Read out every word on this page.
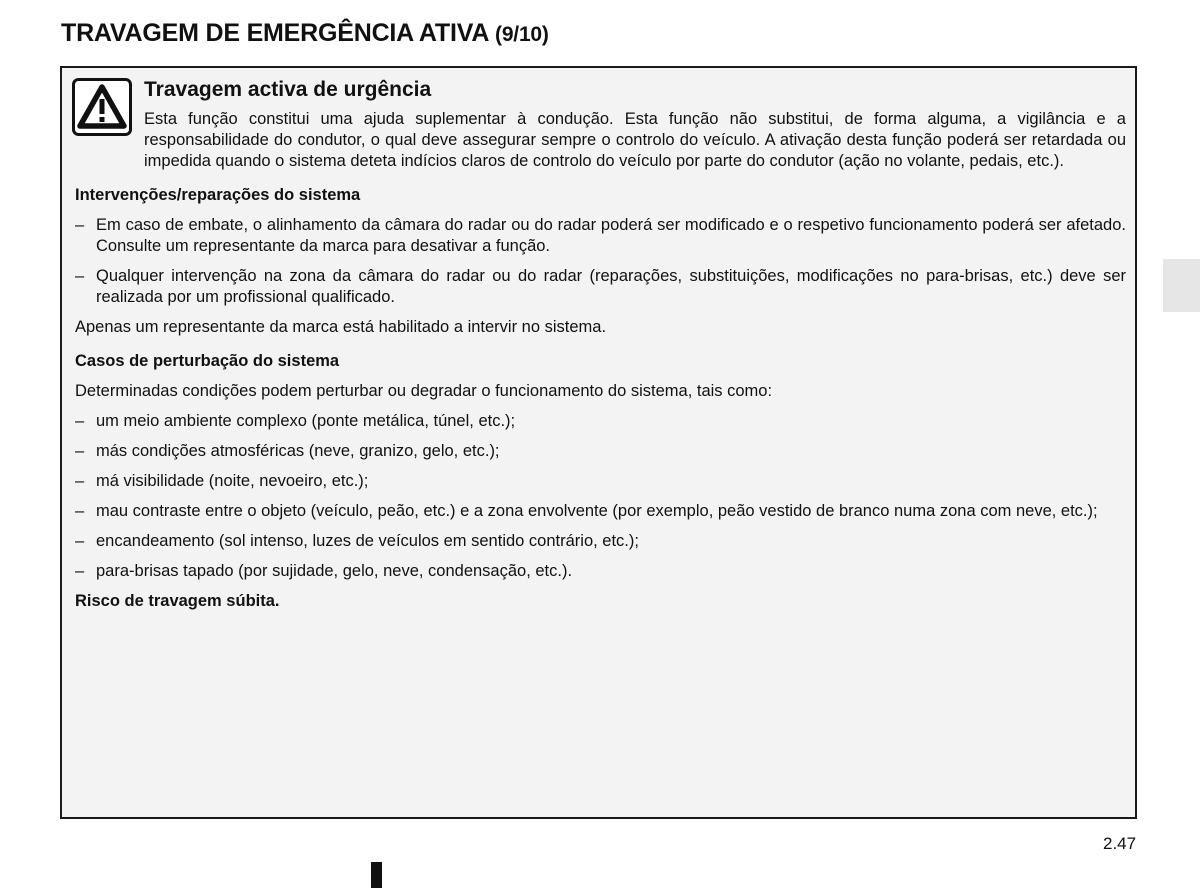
TRAVAGEM DE EMERGÊNCIA ATIVA (9/10)
Travagem activa de urgência

Esta função constitui uma ajuda suplementar à condução. Esta função não substitui, de forma alguma, a vigilância e a responsabilidade do condutor, o qual deve assegurar sempre o controlo do veículo. A ativação desta função poderá ser retardada ou impedida quando o sistema deteta indícios claros de controlo do veículo por parte do condutor (ação no volante, pedais, etc.).

Intervenções/reparações do sistema
– Em caso de embate, o alinhamento da câmara do radar ou do radar poderá ser modificado e o respetivo funcionamento poderá ser afetado. Consulte um representante da marca para desativar a função.
– Qualquer intervenção na zona da câmara do radar ou do radar (reparações, substituições, modificações no para-brisas, etc.) deve ser realizada por um profissional qualificado.

Apenas um representante da marca está habilitado a intervir no sistema.

Casos de perturbação do sistema

Determinadas condições podem perturbar ou degradar o funcionamento do sistema, tais como:

– um meio ambiente complexo (ponte metálica, túnel, etc.);
– más condições atmosféricas (neve, granizo, gelo, etc.);
– má visibilidade (noite, nevoeiro, etc.);
– mau contraste entre o objeto (veículo, peão, etc.) e a zona envolvente (por exemplo, peão vestido de branco numa zona com neve, etc.);
– encandeamento (sol intenso, luzes de veículos em sentido contrário, etc.);
– para-brisas tapado (por sujidade, gelo, neve, condensação, etc.).
Risco de travagem súbita.
2.47
